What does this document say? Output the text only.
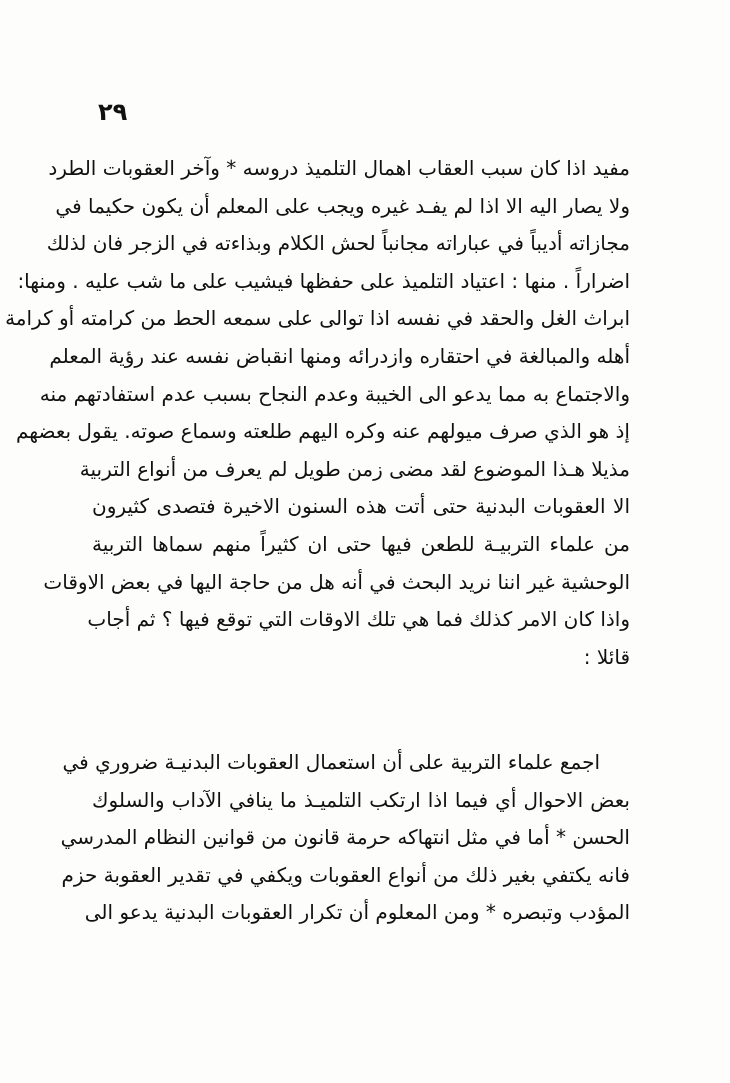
٢٩
مفيد اذا كان سبب العقاب اهمال التلميذ دروسه * وآخر العقوبات الطرد
ولا يصار اليه الا اذا لم يفـد غيره ويجب على المعلم أن يكون حكيما في
مجازاته أديباً في عباراته مجانباً لحش الكلام وبذاءته في الزجر فان لذلك
اضراراً . منها : اعتياد التلميذ على حفظها فيشيب على ما شب عليه . ومنها:
ابراث الغل والحقد في نفسه اذا توالى على سمعه الحط من كرامته أو كرامة
أهله والمبالغة في احتقاره وازدرائه ومنها انقباض نفسه عند رؤية المعلم
والاجتماع به مما يدعو الى الخيبة وعدم النجاح بسبب عدم استفادتهم منه
إذ هو الذي صرف ميولهم عنه وكره اليهم طلعته وسماع صوته. يقول بعضهم
مذيلا هـذا الموضوع لقد مضى زمن طويل لم يعرف من أنواع التربية
الا العقوبات البدنية حتى أتت هذه السنون الاخيرة فتصدى كثيرون
من علماء التربيـة للطعن فيها حتى ان كثيراً منهم سماها التربية
الوحشية غير اننا نريد البحث في أنه هل من حاجة اليها في بعض الاوقات
واذا كان الامر كذلك فما هي تلك الاوقات التي توقع فيها ؟ ثم أجاب
قائلا :
اجمع علماء التربية على أن استعمال العقوبات البدنيـة ضروري في
بعض الاحوال أي فيما اذا ارتكب التلميـذ ما ينافي الآداب والسلوك
الحسن * أما في مثل انتهاكه حرمة قانون من قوانين النظام المدرسي
فانه يكتفي بغير ذلك من أنواع العقوبات ويكفي في تقدير العقوبة حزم
المؤدب وتبصره * ومن المعلوم أن تكرار العقوبات البدنية يدعو الى
